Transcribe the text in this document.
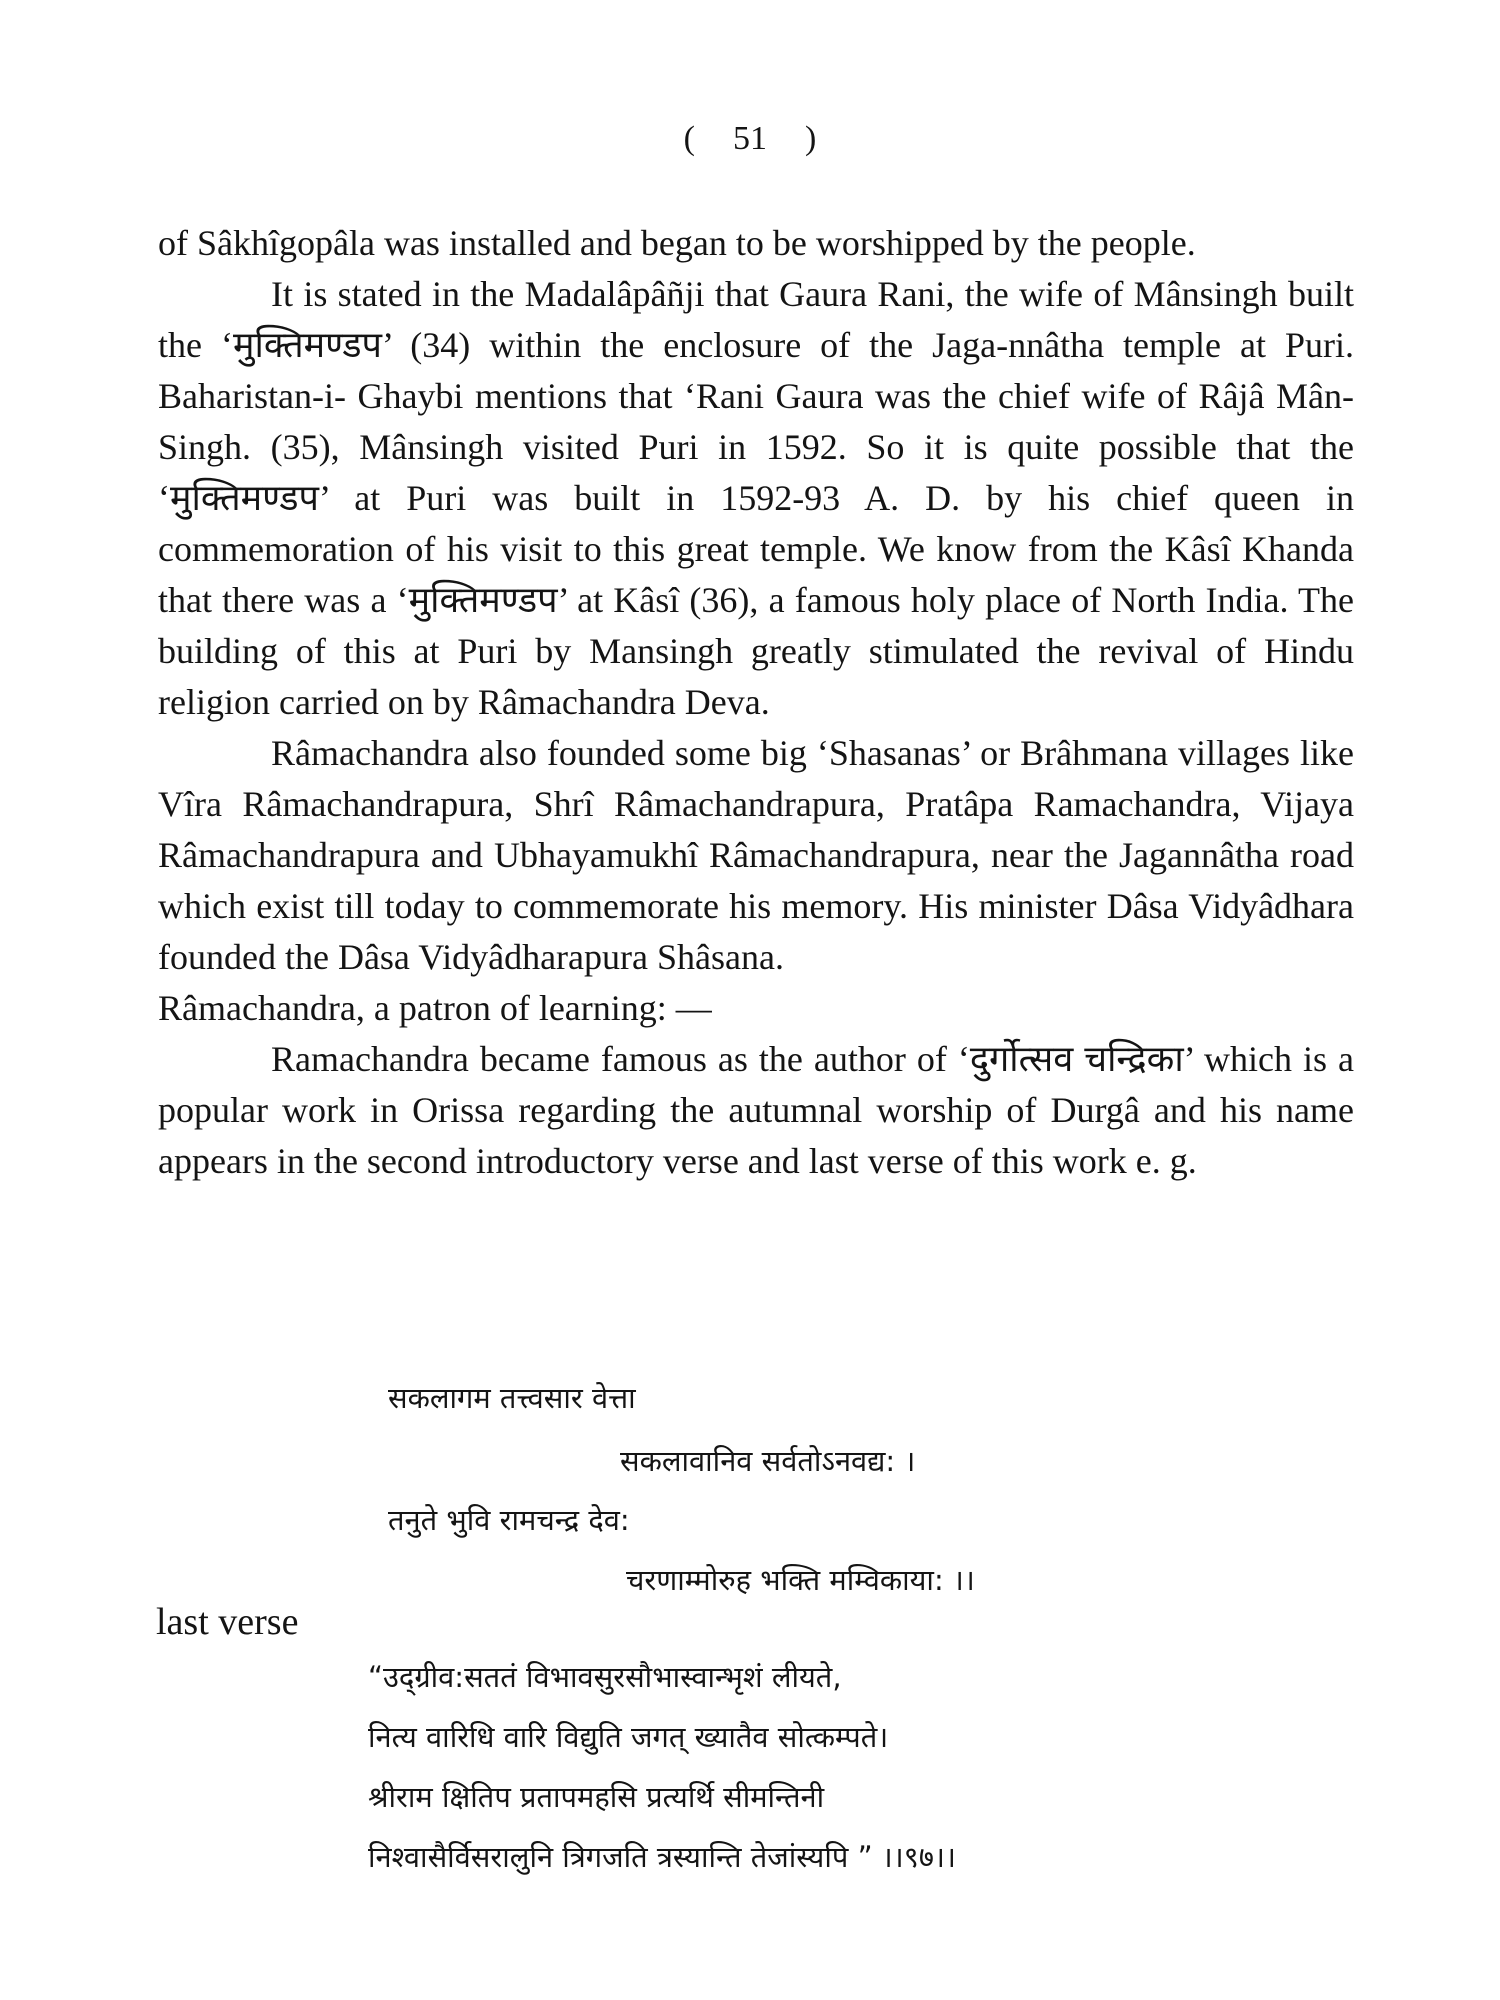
( 51 )

of Sâkhîgopâla was installed and began to be worshipped by the people.

It is stated in the Madalâpâñji that Gaura Rani, the wife of Mânsingh built the ‘मुक्तिमण्डप’ (34) within the enclosure of the Jaga-nnâtha temple at Puri. Baharistan-i- Ghaybi mentions that ‘Rani Gaura was the chief wife of Râjâ Mân-Singh. (35), Mânsingh visited Puri in 1592. So it is quite possible that the ‘मुक्तिमण्डप’ at Puri was built in 1592-93 A. D. by his chief queen in commemoration of his visit to this great temple. We know from the Kâsî Khanda that there was a ‘मुक्तिमण्डप’ at Kâsî (36), a famous holy place of North India. The building of this at Puri by Mansingh greatly stimulated the revival of Hindu religion carried on by Râmachandra Deva.

Râmachandra also founded some big ‘Shasanas’ or Brâhmana villages like Vîra Râmachandrapura, Shrî Râmachandrapura, Pratâpa Ramachandra, Vijaya Râmachandrapura and Ubhayamukhî Râmachandrapura, near the Jagannâtha road which exist till today to commemorate his memory. His minister Dâsa Vidyâdhara founded the Dâsa Vidyâdharapura Shâsana.

Râmachandra, a patron of learning: —

Ramachandra became famous as the author of ‘दुर्गोत्सव चन्द्रिका’ which is a popular work in Orissa regarding the autumnal worship of Durgâ and his name appears in the second introductory verse and last verse of this work e. g.

सकलागम तत्त्वसार वेत्ता
सकलावानिव सर्वतोऽनवद्य: ।
तनुते भुवि रामचन्द्र देव:
चरणाम्मोरुह भक्ति मम्विकाया: ।।
last verse
“उद्ग्रीव:सततं विभावसुरसौभास्वान्भृशं लीयते,
नित्य वारिधि वारि विद्युति जगत् ख्यातैव सोत्कम्पते।
श्रीराम क्षितिप प्रतापमहसि प्रत्यर्थि सीमन्तिनी
निश्वासैर्विसरालुनि त्रिगजति त्रस्यान्ति तेजांस्यपि ” ।।९७।।
